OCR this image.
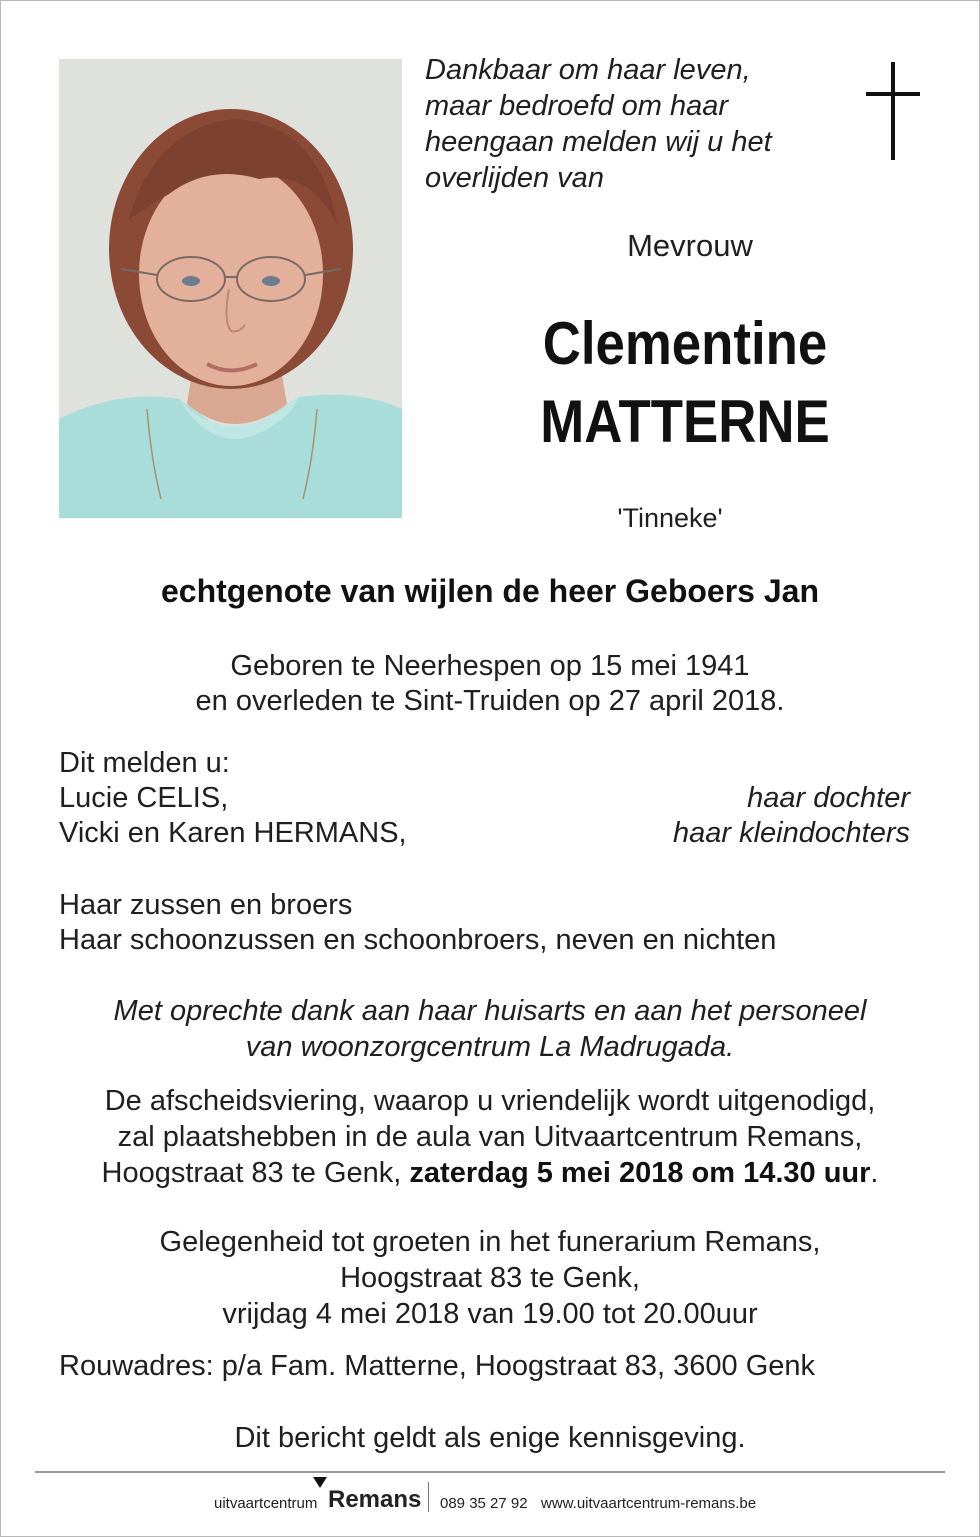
Dankbaar om haar leven,
maar bedroefd om haar
heengaan melden wij u het
overlijden van
Mevrouw
Clementine
MATTERNE
'Tinneke'
echtgenote van wijlen de heer Geboers Jan
Geboren te Neerhespen op 15 mei 1941
en overleden te Sint-Truiden op 27 april 2018.
Dit melden u:
Lucie CELIS,	haar dochter
Vicki en Karen HERMANS,	haar kleindochters
Haar zussen en broers
Haar schoonzussen en schoonbroers, neven en nichten
Met oprechte dank aan haar huisarts en aan het personeel
van woonzorgcentrum La Madrugada.
De afscheidsviering, waarop u vriendelijk wordt uitgenodigd,
zal plaatshebben in de aula van Uitvaartcentrum Remans,
Hoogstraat 83 te Genk, zaterdag 5 mei 2018 om 14.30 uur.
Gelegenheid tot groeten in het funerarium Remans,
Hoogstraat 83 te Genk,
vrijdag 4 mei 2018 van 19.00 tot 20.00uur
Rouwadres: p/a Fam. Matterne, Hoogstraat 83, 3600 Genk
Dit bericht geldt als enige kennisgeving.
uitvaartcentrum Remans 089 35 27 92 www.uitvaartcentrum-remans.be
